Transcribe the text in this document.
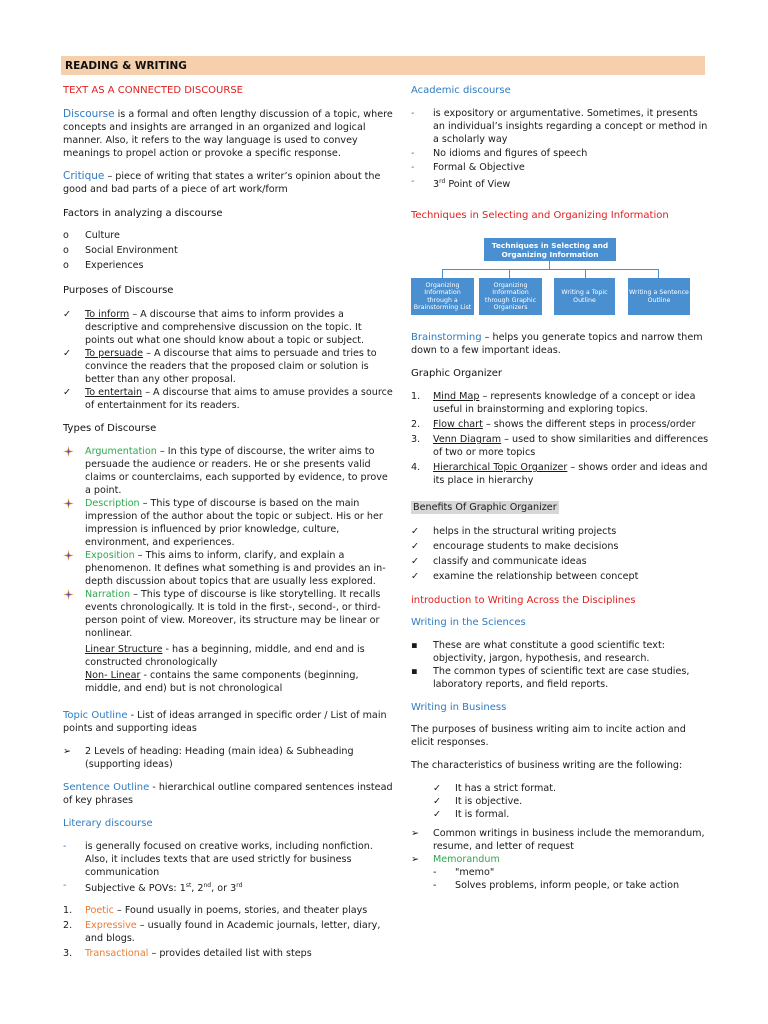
READING & WRITING

TEXT AS A CONNECTED DISCOURSE

Discourse is a formal and often lengthy discussion of a topic, where concepts and insights are arranged in an organized and logical manner. Also, it refers to the way language is used to convey meanings to propel action or provoke a specific response.

Critique – piece of writing that states a writer’s opinion about the good and bad parts of a piece of art work/form

Factors in analyzing a discourse

o	Culture
o	Social Environment
o	Experiences

Purposes of Discourse

✓	To inform – A discourse that aims to inform provides a descriptive and comprehensive discussion on the topic. It points out what one should know about a topic or subject.
✓	To persuade – A discourse that aims to persuade and tries to convince the readers that the proposed claim or solution is better than any other proposal.
✓	To entertain – A discourse that aims to amuse provides a source of entertainment for its readers.

Types of Discourse

Argumentation – In this type of discourse, the writer aims to persuade the audience or readers. He or she presents valid claims or counterclaims, each supported by evidence, to prove a point.
Description – This type of discourse is based on the main impression of the author about the topic or subject. His or her impression is influenced by prior knowledge, culture, environment, and experiences.
Exposition – This aims to inform, clarify, and explain a phenomenon. It defines what something is and provides an in-depth discussion about topics that are usually less explored.
Narration – This type of discourse is like storytelling. It recalls events chronologically. It is told in the first-, second-, or third-person point of view. Moreover, its structure may be linear or nonlinear.
Linear Structure - has a beginning, middle, and end and is constructed chronologically
Non- Linear - contains the same components (beginning, middle, and end) but is not chronological

Topic Outline - List of ideas arranged in specific order / List of main points and supporting ideas

➢	2 Levels of heading: Heading (main idea) & Subheading (supporting ideas)

Sentence Outline - hierarchical outline compared sentences instead of key phrases

Literary discourse

-	is generally focused on creative works, including nonfiction. Also, it includes texts that are used strictly for business communication
-	Subjective & POVs: 1st, 2nd, or 3rd
1.	Poetic – Found usually in poems, stories, and theater plays
2.	Expressive – usually found in Academic journals, letter, diary, and blogs.
3.	Transactional – provides detailed list with steps

Academic discourse

-	is expository or argumentative. Sometimes, it presents an individual’s insights regarding a concept or method in a scholarly way
-	No idioms and figures of speech
-	Formal & Objective
-	3rd Point of View

Techniques in Selecting and Organizing Information

Techniques in Selecting and Organizing Information
Organizing Information through a Brainstorming List
Organizing Information through Graphic Organizers
Writing a Topic Outline
Writing a Sentence Outline

Brainstorming – helps you generate topics and narrow them down to a few important ideas.

Graphic Organizer

1.	Mind Map – represents knowledge of a concept or idea useful in brainstorming and exploring topics.
2.	Flow chart – shows the different steps in process/order
3.	Venn Diagram – used to show similarities and differences of two or more topics
4.	Hierarchical Topic Organizer – shows order and ideas and its place in hierarchy

Benefits Of Graphic Organizer

✓	helps in the structural writing projects
✓	encourage students to make decisions
✓	classify and communicate ideas
✓	examine the relationship between concept

introduction to Writing Across the Disciplines

Writing in the Sciences

▪	These are what constitute a good scientific text: objectivity, jargon, hypothesis, and research.
▪	The common types of scientific text are case studies, laboratory reports, and field reports.

Writing in Business

The purposes of business writing aim to incite action and elicit responses.

The characteristics of business writing are the following:

✓	It has a strict format.
✓	It is objective.
✓	It is formal.
➢	Common writings in business include the memorandum, resume, and letter of request
➢	Memorandum
-	"memo"
-	Solves problems, inform people, or take action
